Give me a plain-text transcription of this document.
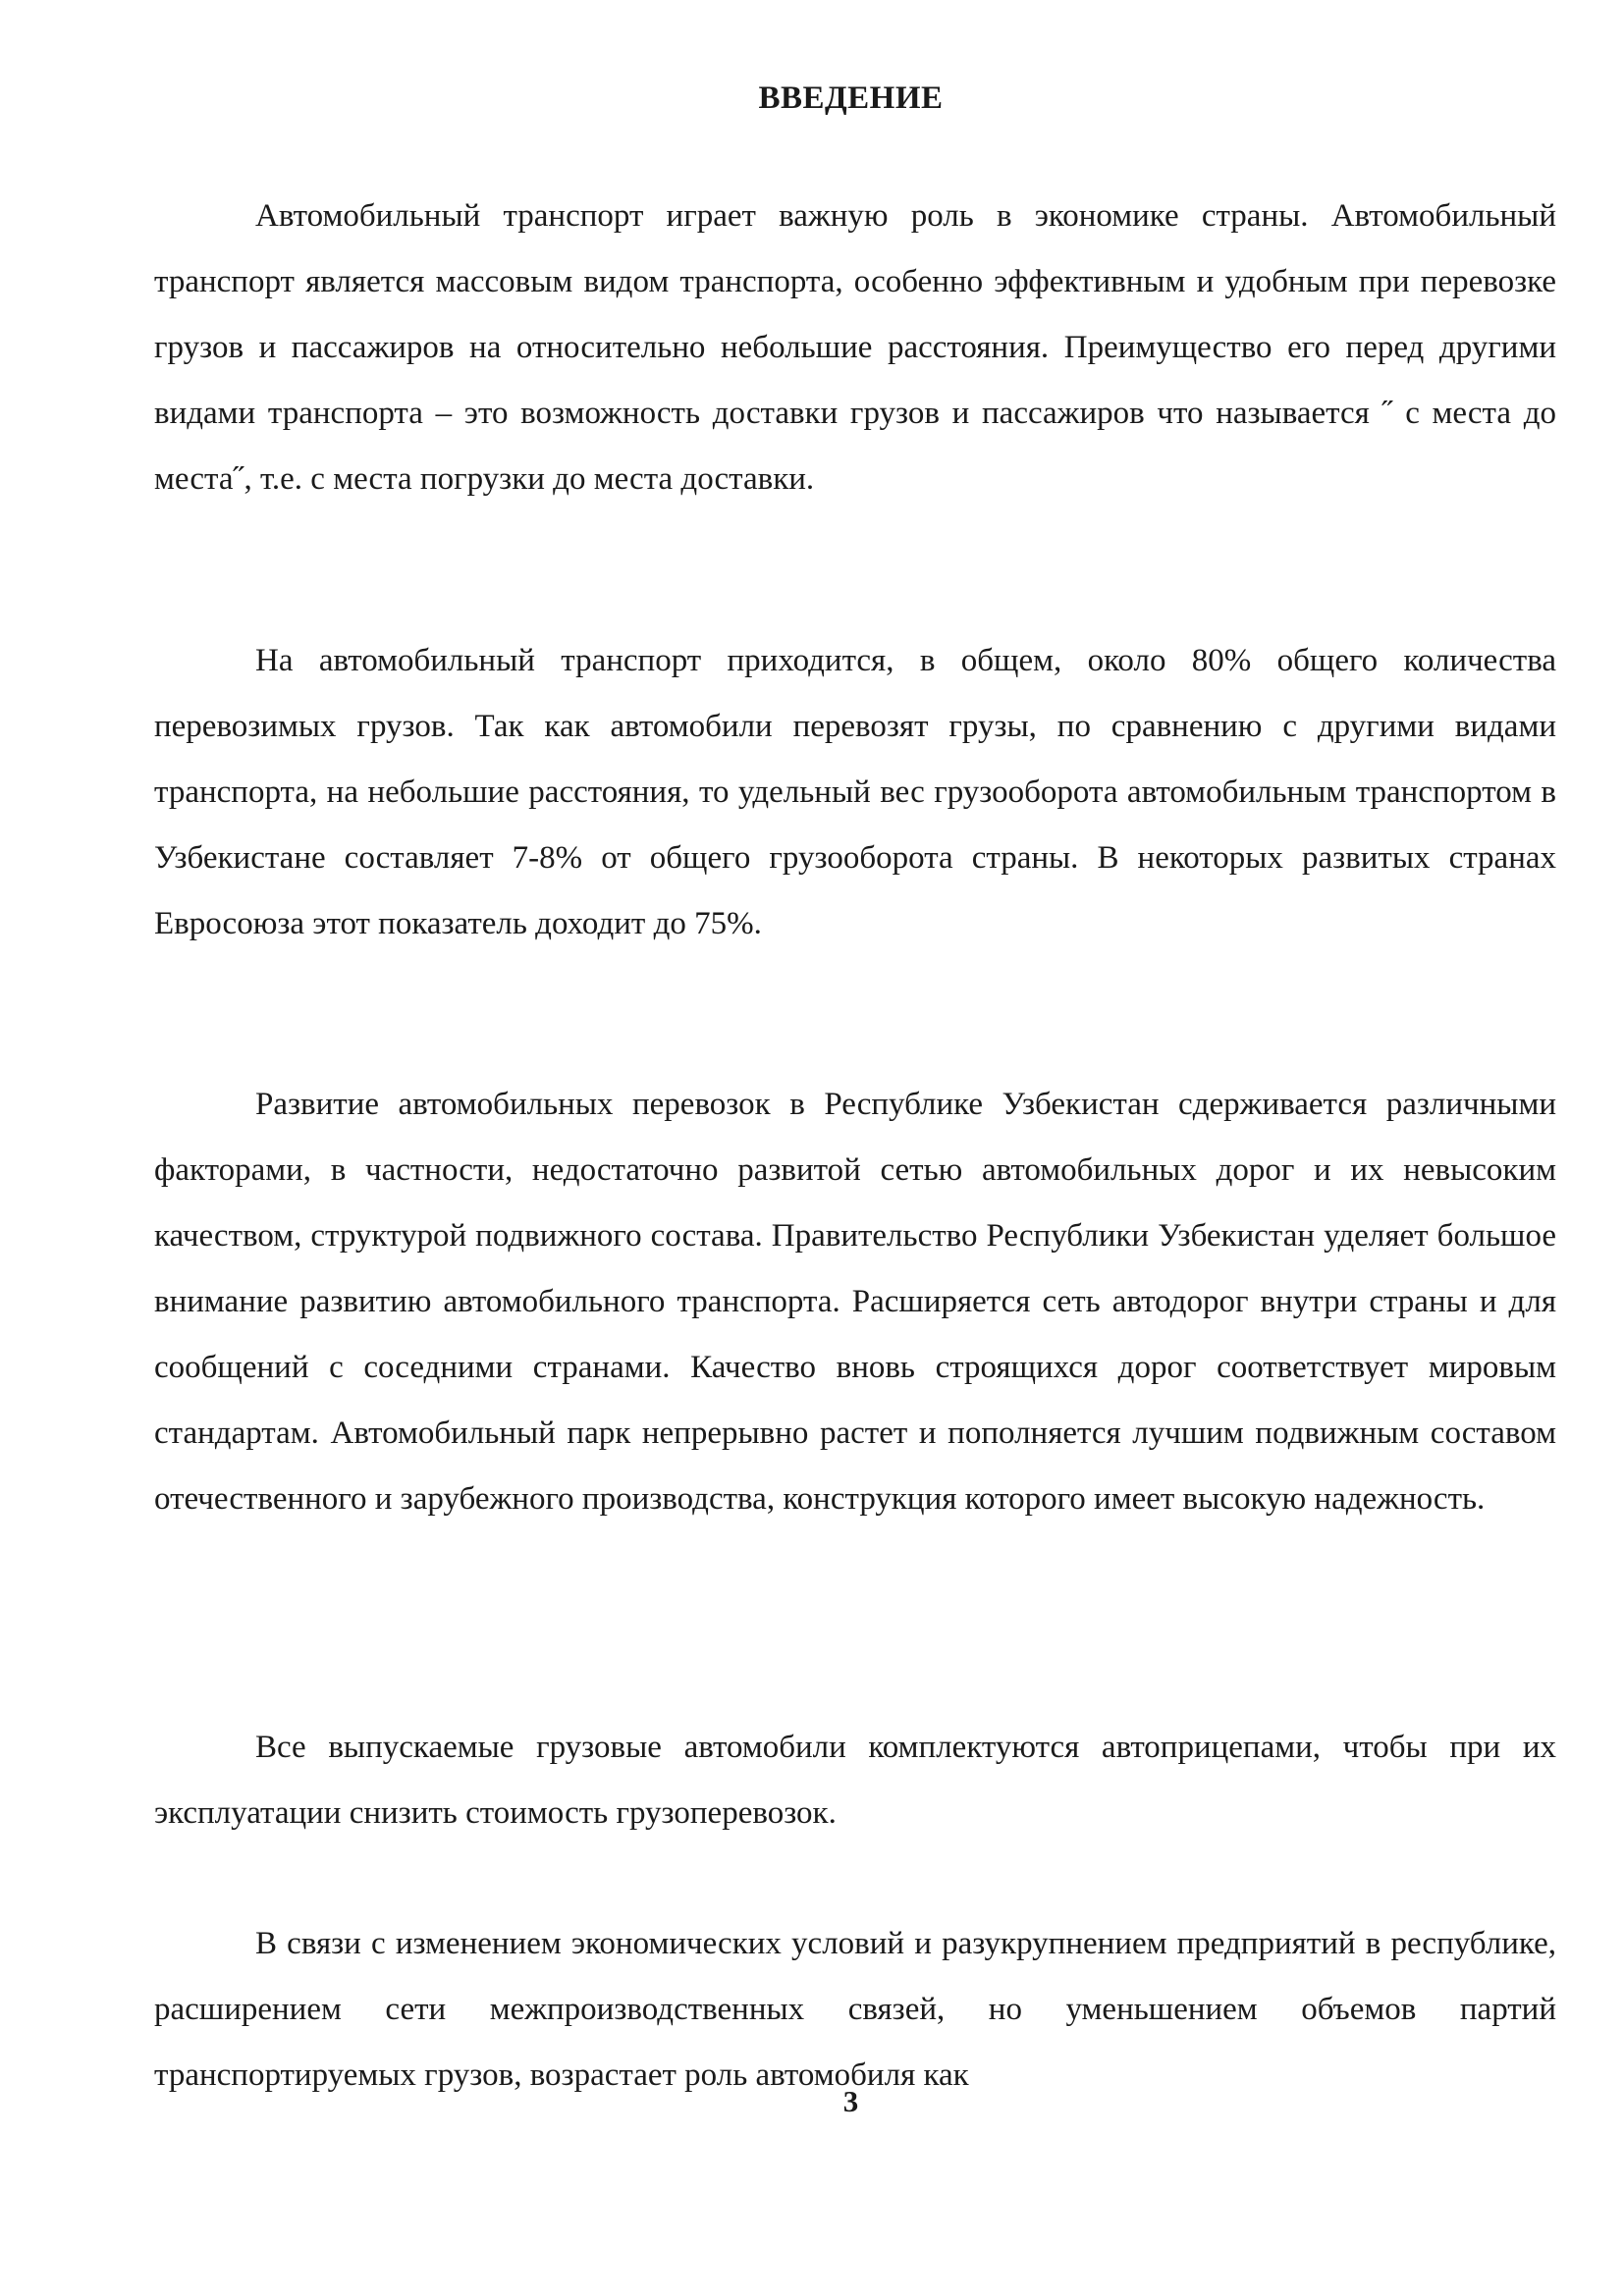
ВВЕДЕНИЕ

Автомобильный транспорт играет важную роль в экономике страны. Автомобильный транспорт является массовым видом транспорта, особенно эффективным и удобным при перевозке грузов и пассажиров на относительно небольшие расстояния. Преимущество его перед другими видами транспорта – это возможность доставки грузов и пассажиров что называется ˝ с места до места˝, т.е. с места погрузки до места доставки.

На автомобильный транспорт приходится, в общем, около 80% общего количества перевозимых грузов. Так как автомобили перевозят грузы, по сравнению с другими видами транспорта, на небольшие расстояния, то удельный вес грузооборота автомобильным транспортом в Узбекистане составляет 7-8% от общего грузооборота страны. В некоторых развитых странах Евросоюза этот показатель доходит до 75%.

Развитие автомобильных перевозок в Республике Узбекистан сдерживается различными факторами, в частности, недостаточно развитой сетью автомобильных дорог и их невысоким качеством, структурой подвижного состава. Правительство Республики Узбекистан уделяет большое внимание развитию автомобильного транспорта. Расширяется сеть автодорог внутри страны и для сообщений с соседними странами. Качество вновь строящихся дорог соответствует мировым стандартам. Автомобильный парк непрерывно растет и пополняется лучшим подвижным составом отечественного и зарубежного производства, конструкция которого имеет высокую надежность.

Все выпускаемые грузовые автомобили комплектуются автоприцепами, чтобы при их эксплуатации снизить стоимость грузоперевозок.

В связи с изменением экономических условий и разукрупнением предприятий в республике, расширением сети межпроизводственных связей, но уменьшением объемов партий транспортируемых грузов, возрастает роль автомобиля как

3
